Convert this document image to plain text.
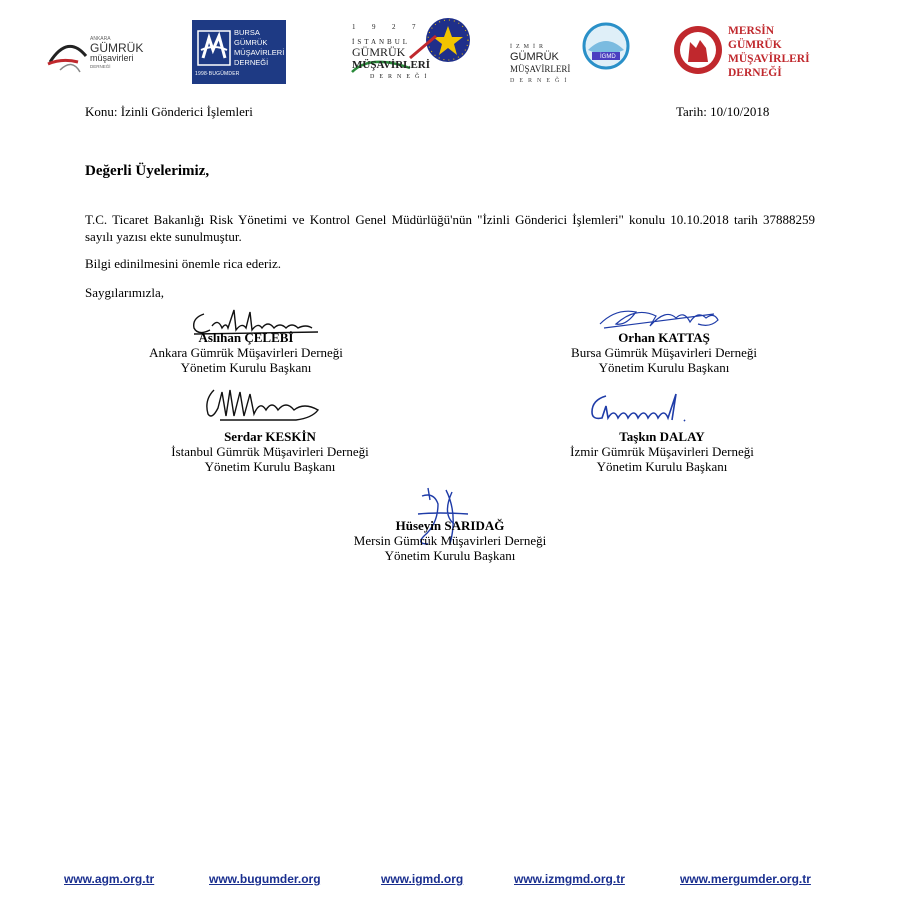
ANKARA
GÜMRÜK
müşavirleri
DERNEĞİ
BURSA
GÜMRÜK
MÜŞAVİRLERİ
DERNEĞİ
1998·BUGÜMDER
1 9 2 7
İSTANBUL
GÜMRÜK
MÜŞAVİRLERİ
DERNEĞİ
İGMD
İZMİR
GÜMRÜK
MÜŞAVİRLERİ
DERNEĞİ
MERSİN
GÜMRÜK
MÜŞAVİRLERİ
DERNEĞİ
Konu: İzinli Gönderici İşlemleri	Tarih: 10/10/2018
Değerli Üyelerimiz,
T.C. Ticaret Bakanlığı Risk Yönetimi ve Kontrol Genel Müdürlüğü'nün "İzinli Gönderici İşlemleri" konulu 10.10.2018 tarih 37888259 sayılı yazısı ekte sunulmuştur.
Bilgi edinilmesini önemle rica ederiz.
Saygılarımızla,
Aslıhan ÇELEBİ
Ankara Gümrük Müşavirleri Derneği
Yönetim Kurulu Başkanı
Orhan KATTAŞ
Bursa Gümrük Müşavirleri Derneği
Yönetim Kurulu Başkanı
Serdar KESKİN
İstanbul Gümrük Müşavirleri Derneği
Yönetim Kurulu Başkanı
Taşkın DALAY
İzmir Gümrük Müşavirleri Derneği
Yönetim Kurulu Başkanı
Hüseyin SARIDAĞ
Mersin Gümrük Müşavirleri Derneği
Yönetim Kurulu Başkanı
www.agm.org.tr	www.bugumder.org	www.igmd.org	www.izmgmd.org.tr	www.mergumder.org.tr
